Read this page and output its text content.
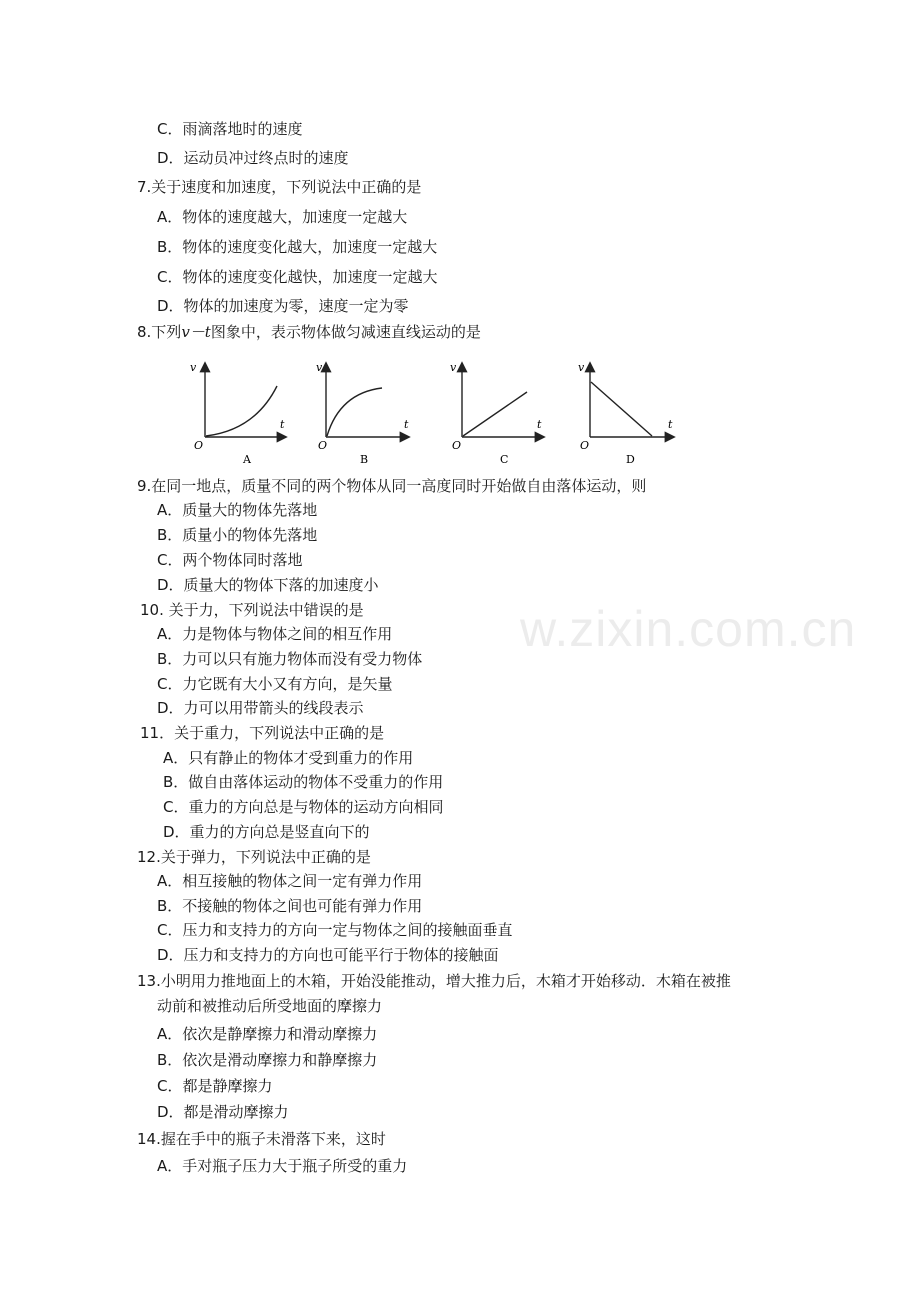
w.zixin.com.cn
C．雨滴落地时的速度
D．运动员冲过终点时的速度
7.关于速度和加速度，下列说法中正确的是
A．物体的速度越大，加速度一定越大
B．物体的速度变化越大，加速度一定越大
C．物体的速度变化越快，加速度一定越大
D．物体的加速度为零，速度一定为零
8.下列v－t图象中，表示物体做匀减速直线运动的是
v
t
O
A
v
t
O
B
v
t
O
C
v
t
O
D
9.在同一地点，质量不同的两个物体从同一高度同时开始做自由落体运动，则
A．质量大的物体先落地
B．质量小的物体先落地
C．两个物体同时落地
D．质量大的物体下落的加速度小
10. 关于力，下列说法中错误的是
A．力是物体与物体之间的相互作用
B．力可以只有施力物体而没有受力物体
C．力它既有大小又有方向，是矢量
D．力可以用带箭头的线段表示
11．关于重力，下列说法中正确的是
A．只有静止的物体才受到重力的作用
B．做自由落体运动的物体不受重力的作用
C．重力的方向总是与物体的运动方向相同
D．重力的方向总是竖直向下的
12.关于弹力，下列说法中正确的是
A．相互接触的物体之间一定有弹力作用
B．不接触的物体之间也可能有弹力作用
C．压力和支持力的方向一定与物体之间的接触面垂直
D．压力和支持力的方向也可能平行于物体的接触面
13.小明用力推地面上的木箱，开始没能推动，增大推力后，木箱才开始移动．木箱在被推
动前和被推动后所受地面的摩擦力
A．依次是静摩擦力和滑动摩擦力
B．依次是滑动摩擦力和静摩擦力
C．都是静摩擦力
D．都是滑动摩擦力
14.握在手中的瓶子未滑落下来，这时
A．手对瓶子压力大于瓶子所受的重力
